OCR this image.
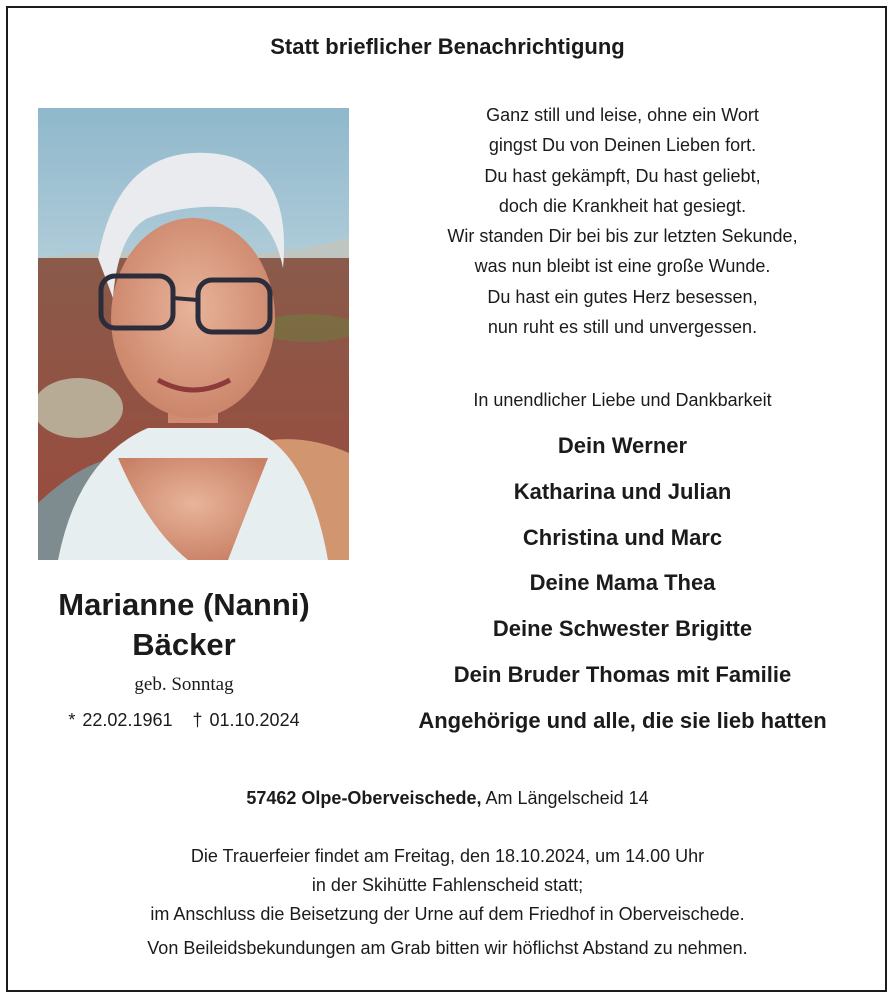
Statt brieflicher Benachrichtigung
Ganz still und leise, ohne ein Wort
gingst Du von Deinen Lieben fort.
Du hast gekämpft, Du hast geliebt,
doch die Krankheit hat gesiegt.
Wir standen Dir bei bis zur letzten Sekunde,
was nun bleibt ist eine große Wunde.
Du hast ein gutes Herz besessen,
nun ruht es still und unvergessen.
In unendlicher Liebe und Dankbarkeit
Dein Werner
Katharina und Julian
Christina und Marc
Deine Mama Thea
Deine Schwester Brigitte
Dein Bruder Thomas mit Familie
Angehörige und alle, die sie lieb hatten
Marianne (Nanni)
Bäcker
geb. Sonntag
* 22.02.1961 † 01.10.2024
57462 Olpe-Oberveischede, Am Längelscheid 14
Die Trauerfeier findet am Freitag, den 18.10.2024, um 14.00 Uhr
in der Skihütte Fahlenscheid statt;
im Anschluss die Beisetzung der Urne auf dem Friedhof in Oberveischede.
Von Beileidsbekundungen am Grab bitten wir höflichst Abstand zu nehmen.
